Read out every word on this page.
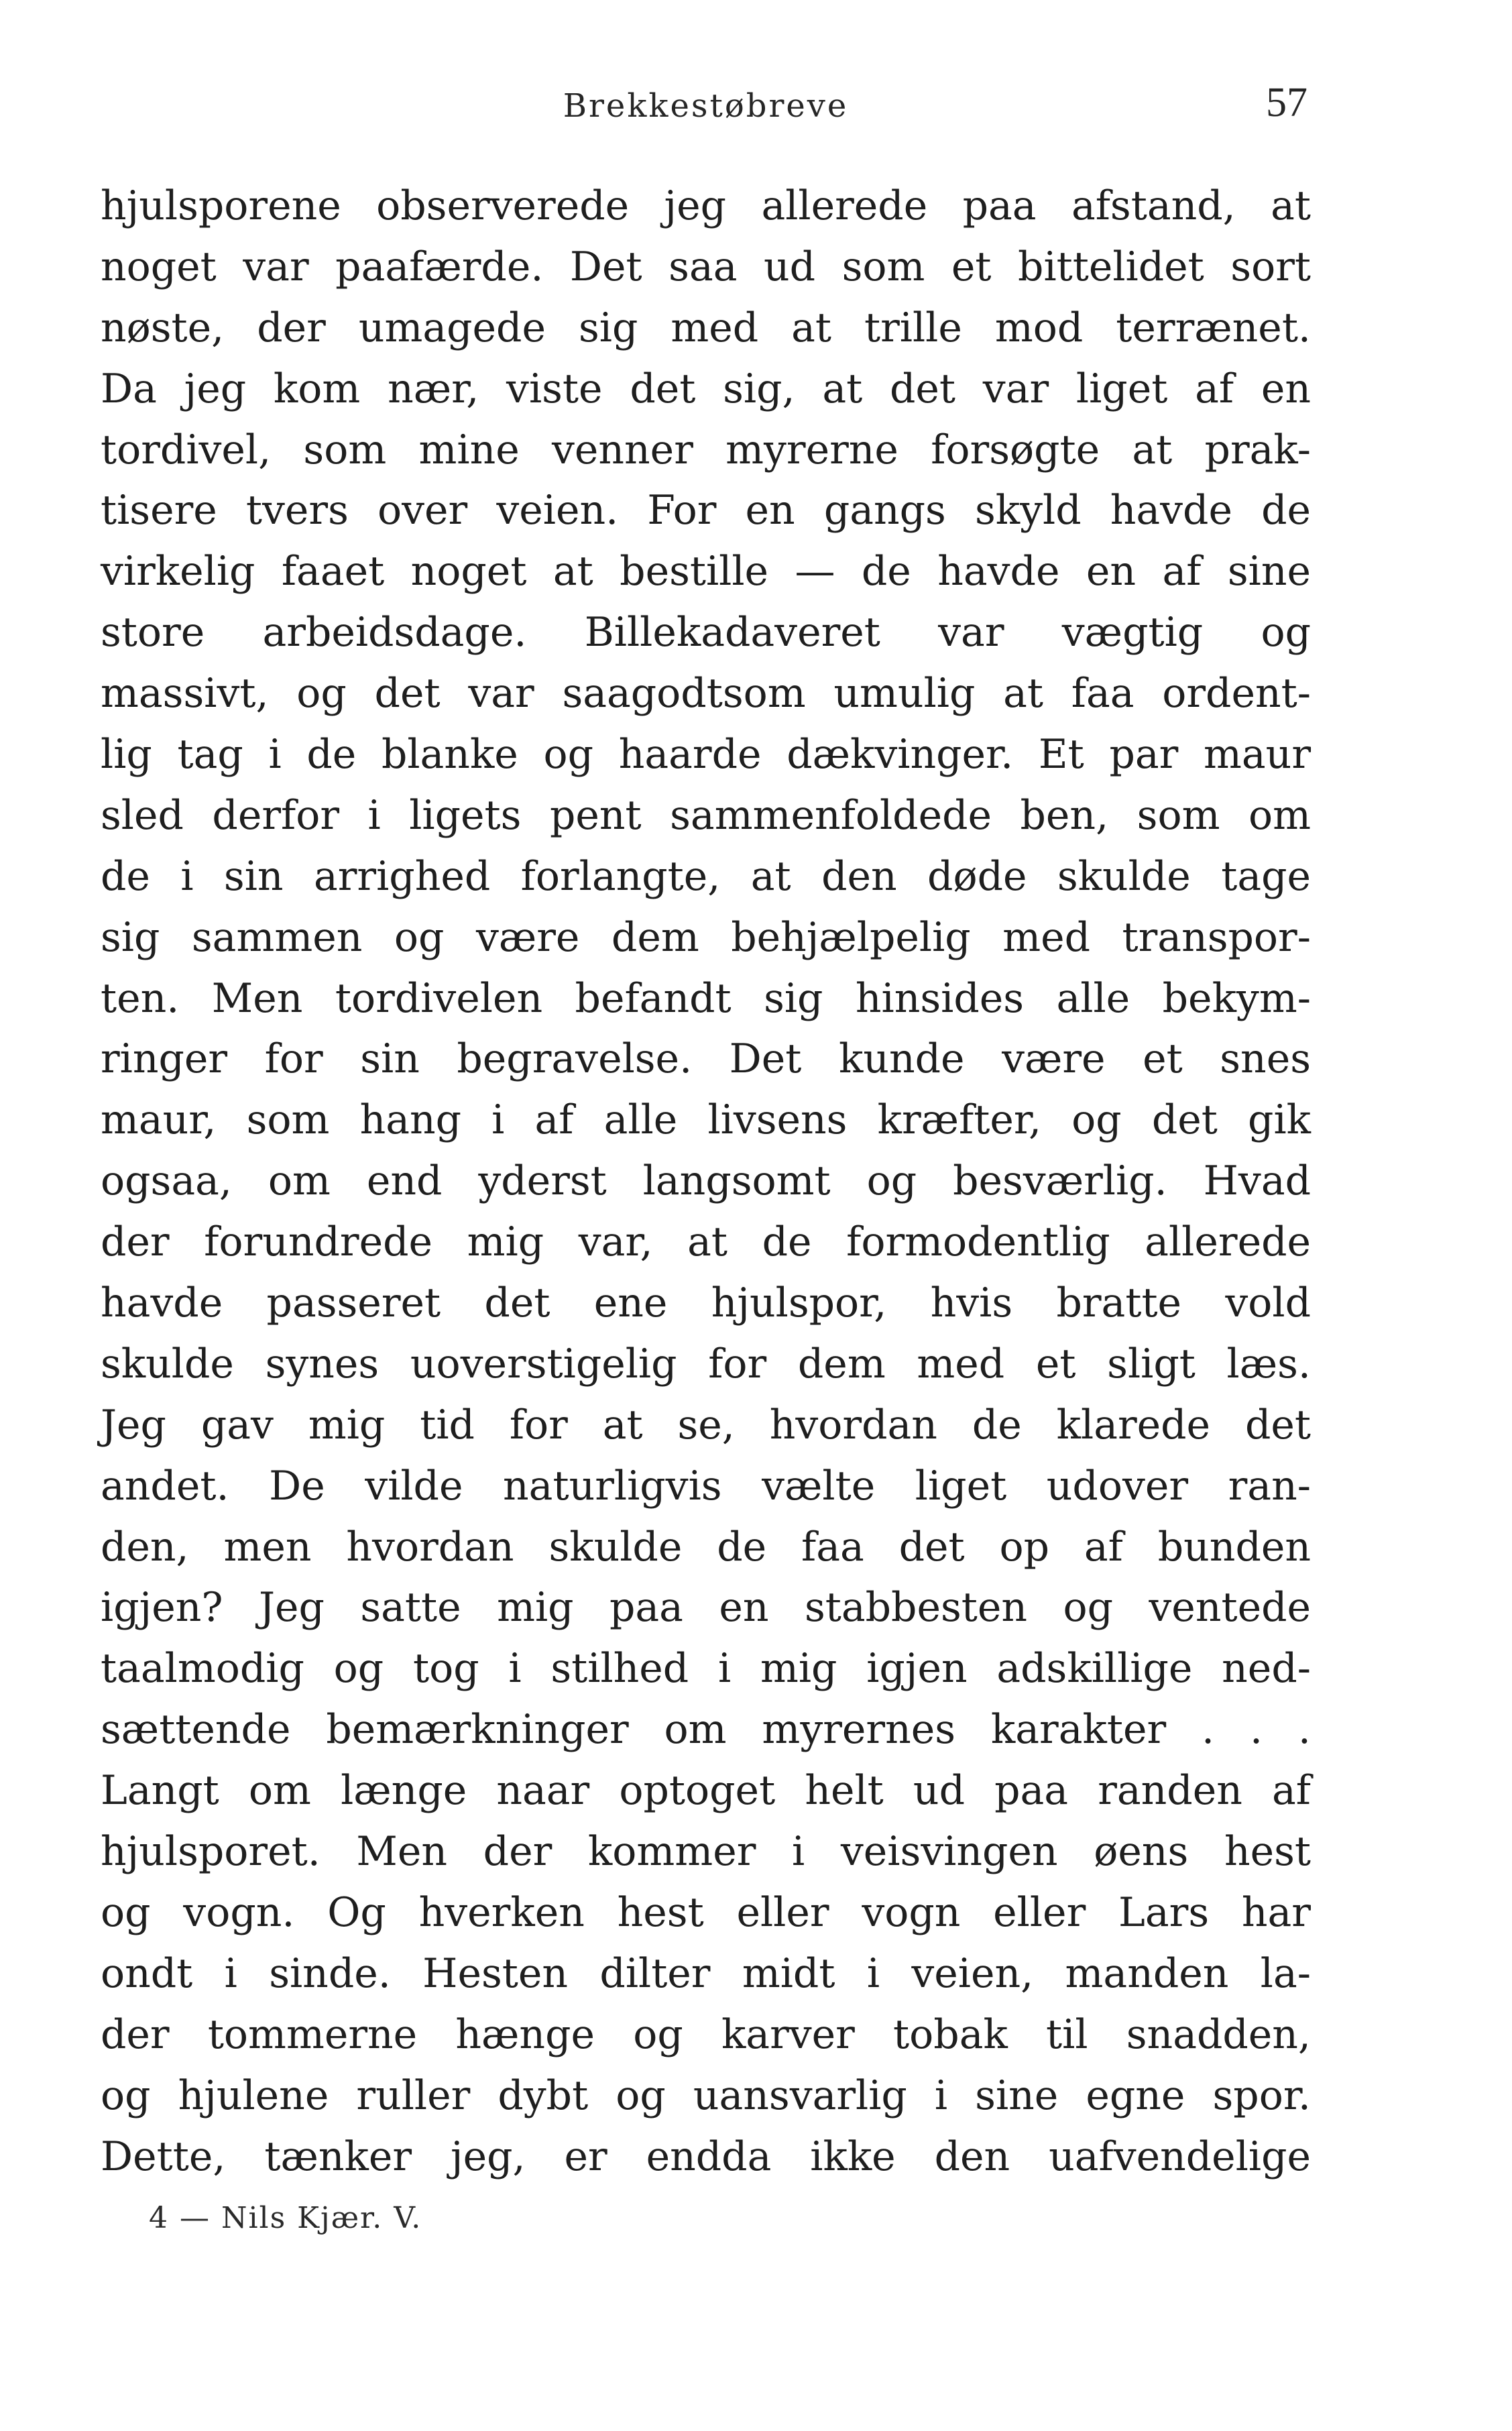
Brekkestøbreve	57
hjulsporene observerede jeg allerede paa afstand, at
noget var paafærde. Det saa ud som et bittelidet sort
nøste, der umagede sig med at trille mod terrænet.
Da jeg kom nær, viste det sig, at det var liget af en
tordivel, som mine venner myrerne forsøgte at prak-
tisere tvers over veien. For en gangs skyld havde de
virkelig faaet noget at bestille — de havde en af sine
store arbeidsdage. Billekadaveret var vægtig og
massivt, og det var saagodtsom umulig at faa ordent-
lig tag i de blanke og haarde dækvinger. Et par maur
sled derfor i ligets pent sammenfoldede ben, som om
de i sin arrighed forlangte, at den døde skulde tage
sig sammen og være dem behjælpelig med transpor-
ten. Men tordivelen befandt sig hinsides alle bekym-
ringer for sin begravelse. Det kunde være et snes
maur, som hang i af alle livsens kræfter, og det gik
ogsaa, om end yderst langsomt og besværlig. Hvad
der forundrede mig var, at de formodentlig allerede
havde passeret det ene hjulspor, hvis bratte vold
skulde synes uoverstigelig for dem med et sligt læs.
Jeg gav mig tid for at se, hvordan de klarede det
andet. De vilde naturligvis vælte liget udover ran-
den, men hvordan skulde de faa det op af bunden
igjen? Jeg satte mig paa en stabbesten og ventede
taalmodig og tog i stilhed i mig igjen adskillige ned-
sættende bemærkninger om myrernes karakter . . .
Langt om længe naar optoget helt ud paa randen af
hjulsporet. Men der kommer i veisvingen øens hest
og vogn. Og hverken hest eller vogn eller Lars har
ondt i sinde. Hesten dilter midt i veien, manden la-
der tommerne hænge og karver tobak til snadden,
og hjulene ruller dybt og uansvarlig i sine egne spor.
Dette, tænker jeg, er endda ikke den uafvendelige
4 — Nils Kjær. V.
